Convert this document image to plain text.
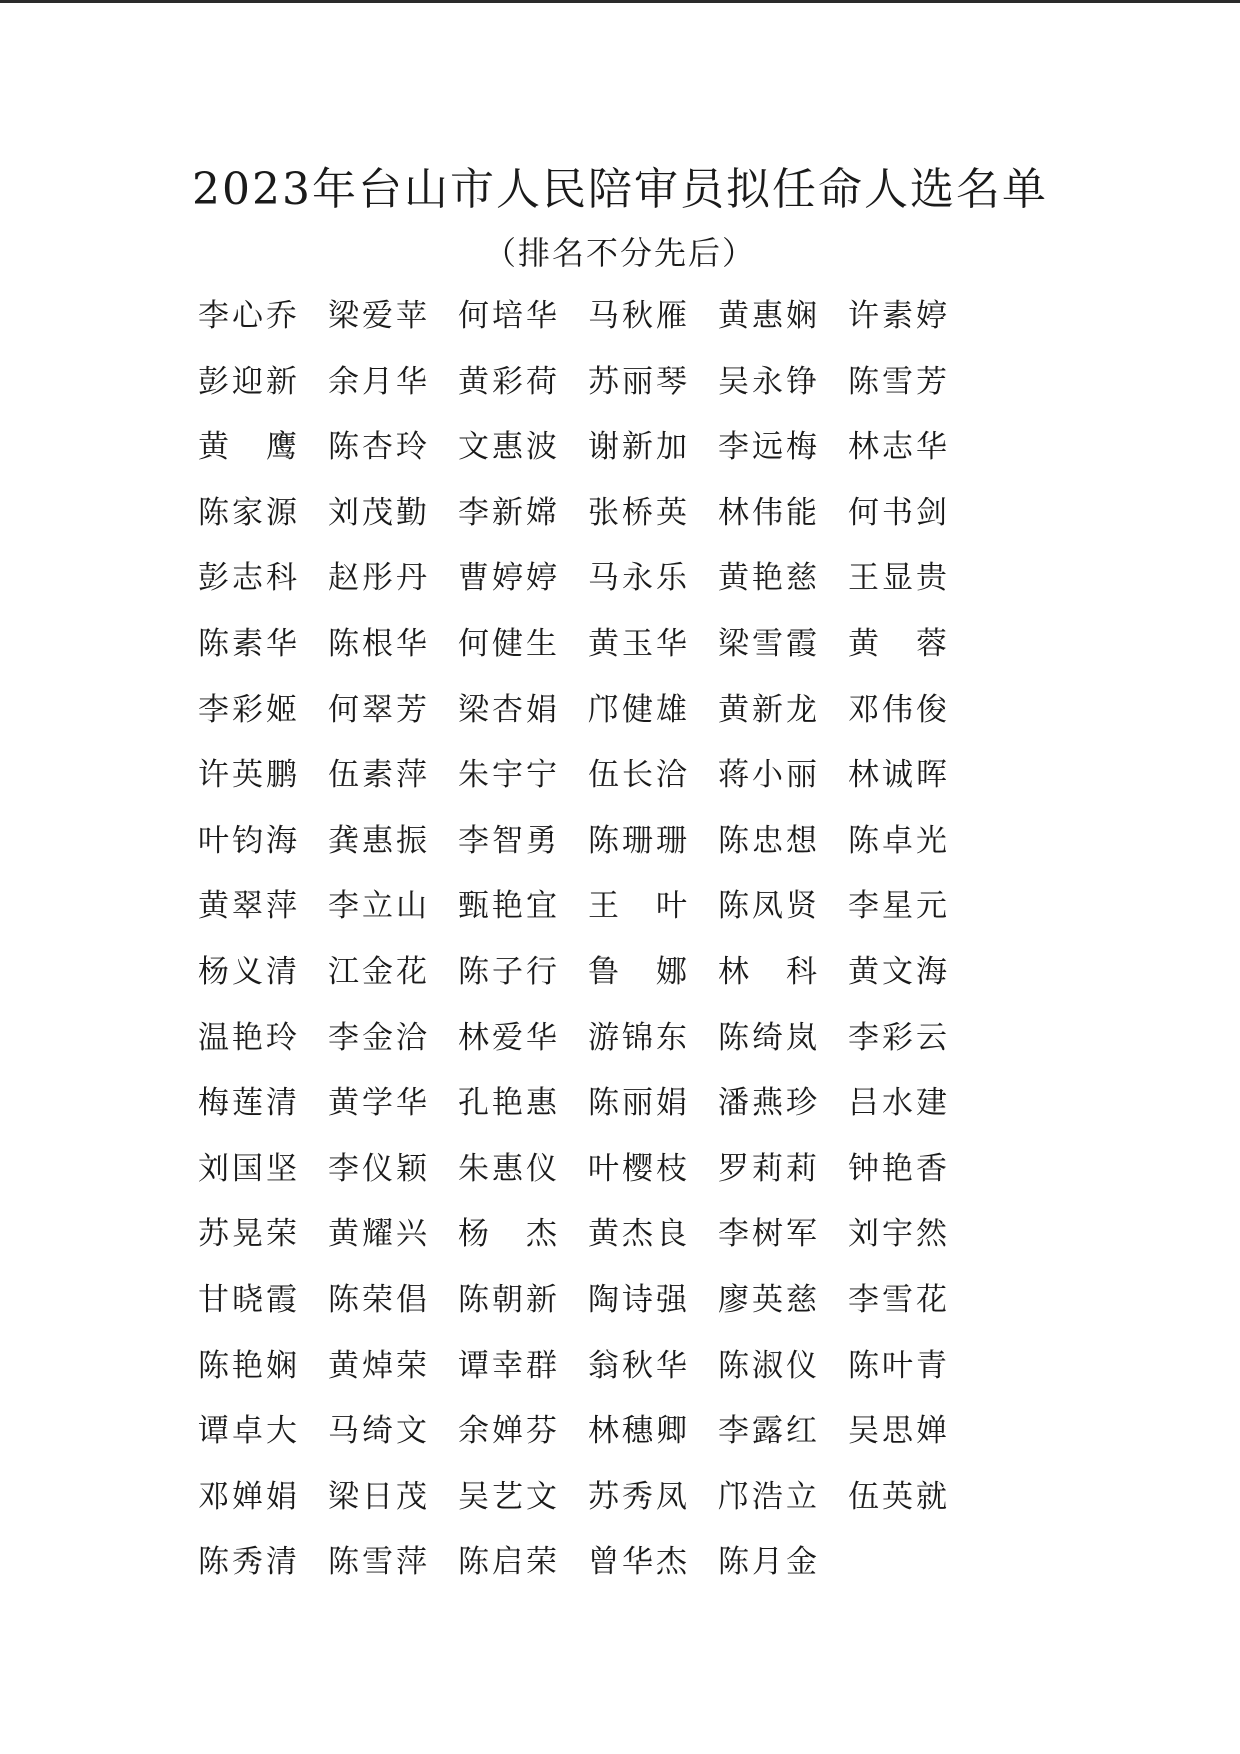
2023年台山市人民陪审员拟任命人选名单

（排名不分先后）

李心乔 梁爱苹 何培华 马秋雁 黄惠娴 许素婷
彭迎新 余月华 黄彩荷 苏丽琴 吴永铮 陈雪芳
黄　鹰 陈杏玲 文惠波 谢新加 李远梅 林志华
陈家源 刘茂勤 李新嫦 张桥英 林伟能 何书剑
彭志科 赵彤丹 曹婷婷 马永乐 黄艳慈 王显贵
陈素华 陈根华 何健生 黄玉华 梁雪霞 黄　蓉
李彩姬 何翠芳 梁杏娟 邝健雄 黄新龙 邓伟俊
许英鹏 伍素萍 朱宇宁 伍长洽 蒋小丽 林诚晖
叶钧海 龚惠振 李智勇 陈珊珊 陈忠想 陈卓光
黄翠萍 李立山 甄艳宜 王　叶 陈凤贤 李星元
杨义清 江金花 陈子行 鲁　娜 林　科 黄文海
温艳玲 李金洽 林爱华 游锦东 陈绮岚 李彩云
梅莲清 黄学华 孔艳惠 陈丽娟 潘燕珍 吕水建
刘国坚 李仪颖 朱惠仪 叶樱枝 罗莉莉 钟艳香
苏晃荣 黄耀兴 杨　杰 黄杰良 李树军 刘宇然
甘晓霞 陈荣倡 陈朝新 陶诗强 廖英慈 李雪花
陈艳娴 黄焯荣 谭幸群 翁秋华 陈淑仪 陈叶青
谭卓大 马绮文 余婵芬 林穗卿 李露红 吴思婵
邓婵娟 梁日茂 吴艺文 苏秀凤 邝浩立 伍英就
陈秀清 陈雪萍 陈启荣 曾华杰 陈月金
